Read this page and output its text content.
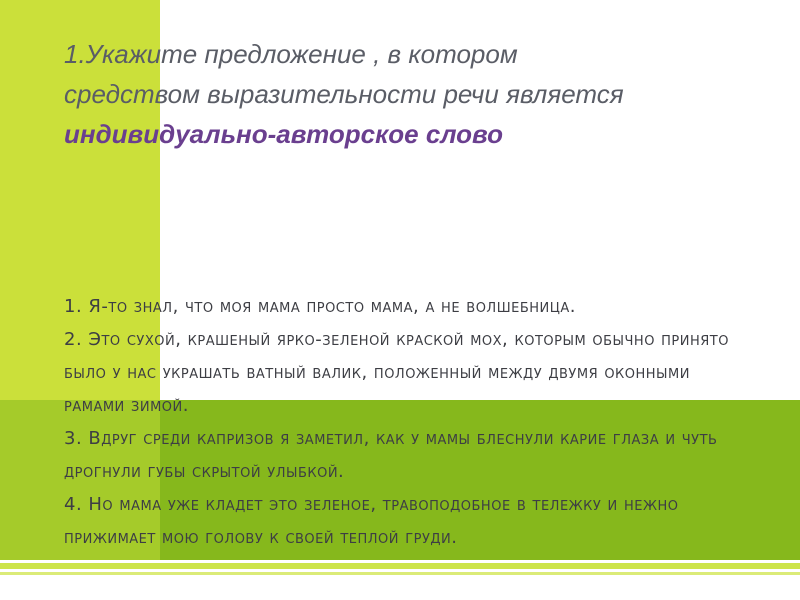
1.Укажите предложение , в котором
средством выразительности речи является
индивидуально-авторское слово

1. Я-то знал, что моя мама просто мама, а не волшебница.

2. Это сухой, крашеный ярко-зеленой краской мох, которым обычно принято было у нас украшать ватный валик, положенный между двумя оконными рамами зимой.

3. Вдруг среди капризов я заметил, как у мамы блеснули карие глаза и чуть дрогнули губы скрытой улыбкой.

4. Но мама уже кладет это зеленое, травоподобное в тележку и нежно прижимает мою голову к своей теплой груди.
